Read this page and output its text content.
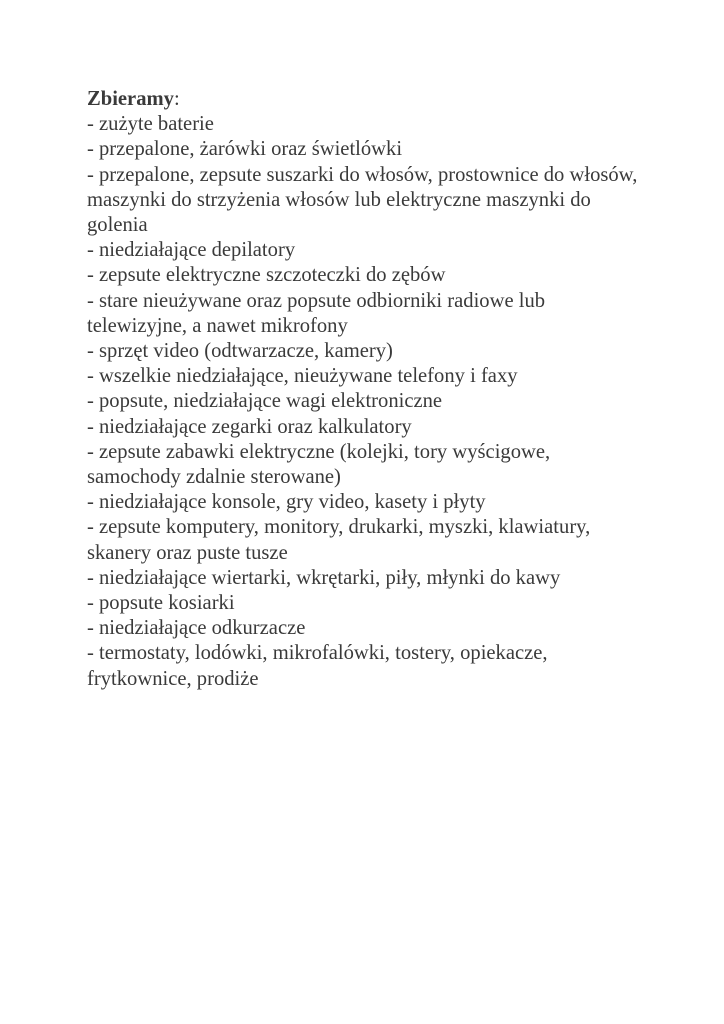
Zbieramy:
- zużyte baterie
- przepalone, żarówki oraz świetlówki
- przepalone, zepsute suszarki do włosów, prostownice do włosów, maszynki do strzyżenia włosów lub elektryczne maszynki do golenia
- niedziałające depilatory
- zepsute elektryczne szczoteczki do zębów
- stare nieużywane oraz popsute odbiorniki radiowe lub telewizyjne, a nawet mikrofony
- sprzęt video (odtwarzacze, kamery)
- wszelkie niedziałające, nieużywane telefony i faxy
- popsute, niedziałające wagi elektroniczne
- niedziałające zegarki oraz kalkulatory
- zepsute zabawki elektryczne (kolejki, tory wyścigowe, samochody zdalnie sterowane)
- niedziałające konsole, gry video, kasety i płyty
- zepsute komputery, monitory, drukarki, myszki, klawiatury, skanery oraz puste tusze
- niedziałające wiertarki, wkrętarki, piły, młynki do kawy
- popsute kosiarki
- niedziałające odkurzacze
- termostaty, lodówki, mikrofalówki, tostery, opiekacze, frytkownice, prodiże
